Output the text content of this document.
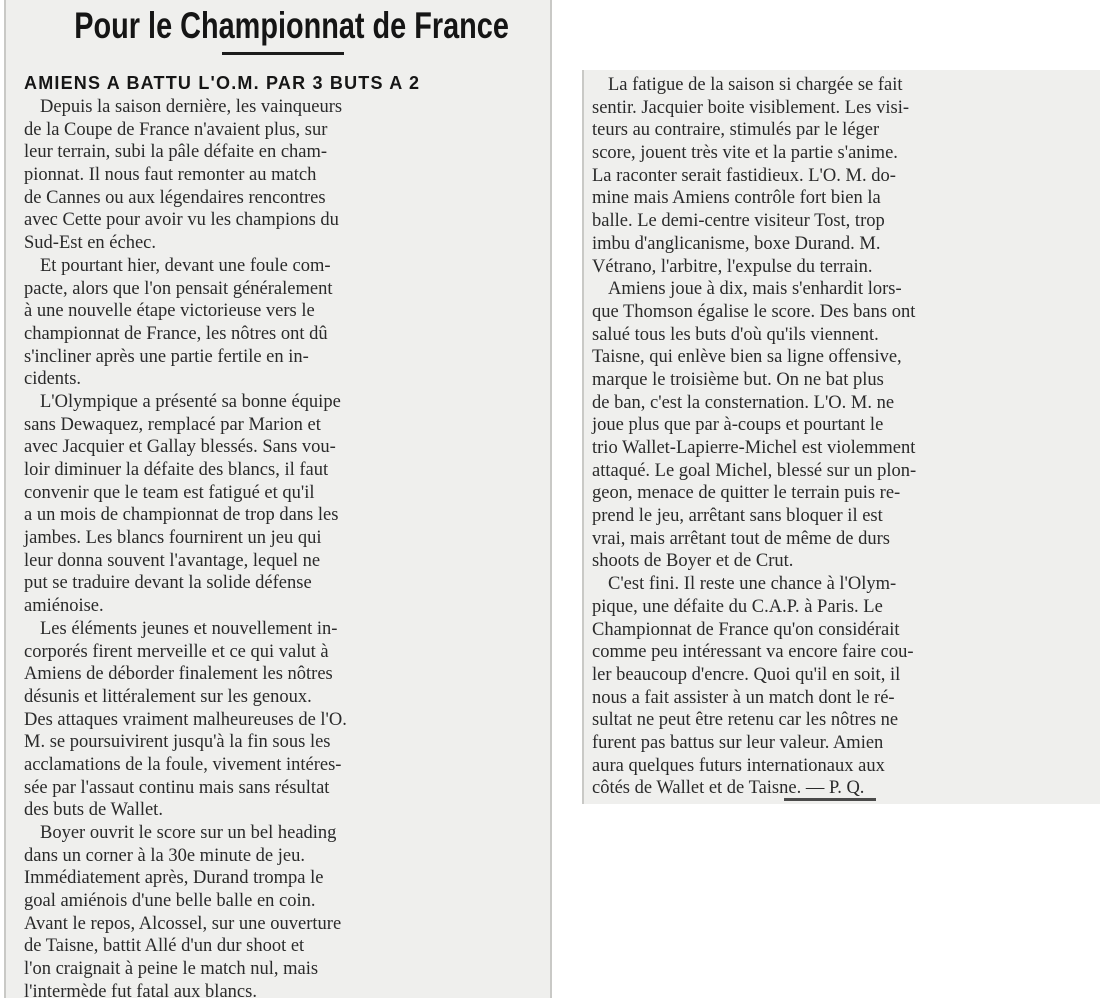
Pour le Championnat de France
AMIENS A BATTU L'O.M. PAR 3 BUTS A 2

Depuis la saison dernière, les vainqueurs
de la Coupe de France n'avaient plus, sur
leur terrain, subi la pâle défaite en cham-
pionnat. Il nous faut remonter au match
de Cannes ou aux légendaires rencontres
avec Cette pour avoir vu les champions du
Sud-Est en échec.

Et pourtant hier, devant une foule com-
pacte, alors que l'on pensait généralement
à une nouvelle étape victorieuse vers le
championnat de France, les nôtres ont dû
s'incliner après une partie fertile en in-
cidents.

L'Olympique a présenté sa bonne équipe
sans Dewaquez, remplacé par Marion et
avec Jacquier et Gallay blessés. Sans vou-
loir diminuer la défaite des blancs, il faut
convenir que le team est fatigué et qu'il
a un mois de championnat de trop dans les
jambes. Les blancs fournirent un jeu qui
leur donna souvent l'avantage, lequel ne
put se traduire devant la solide défense
amiénoise.

Les éléments jeunes et nouvellement in-
corporés firent merveille et ce qui valut à
Amiens de déborder finalement les nôtres
désunis et littéralement sur les genoux.
Des attaques vraiment malheureuses de l'O.
M. se poursuivirent jusqu'à la fin sous les
acclamations de la foule, vivement intéres-
sée par l'assaut continu mais sans résultat
des buts de Wallet.

Boyer ouvrit le score sur un bel heading
dans un corner à la 30e minute de jeu.
Immédiatement après, Durand trompa le
goal amiénois d'une belle balle en coin.
Avant le repos, Alcossel, sur une ouverture
de Taisne, battit Allé d'un dur shoot et
l'on craignait à peine le match nul, mais
l'intermède fut fatal aux blancs.

La fatigue de la saison si chargée se fait
sentir. Jacquier boite visiblement. Les visi-
teurs au contraire, stimulés par le léger
score, jouent très vite et la partie s'anime.
La raconter serait fastidieux. L'O. M. do-
mine mais Amiens contrôle fort bien la
balle. Le demi-centre visiteur Tost, trop
imbu d'anglicanisme, boxe Durand. M.
Vétrano, l'arbitre, l'expulse du terrain.

Amiens joue à dix, mais s'enhardit lors-
que Thomson égalise le score. Des bans ont
salué tous les buts d'où qu'ils viennent.
Taisne, qui enlève bien sa ligne offensive,
marque le troisième but. On ne bat plus
de ban, c'est la consternation. L'O. M. ne
joue plus que par à-coups et pourtant le
trio Wallet-Lapierre-Michel est violemment
attaqué. Le goal Michel, blessé sur un plon-
geon, menace de quitter le terrain puis re-
prend le jeu, arrêtant sans bloquer il est
vrai, mais arrêtant tout de même de durs
shoots de Boyer et de Crut.

C'est fini. Il reste une chance à l'Olym-
pique, une défaite du C.A.P. à Paris. Le
Championnat de France qu'on considérait
comme peu intéressant va encore faire cou-
ler beaucoup d'encre. Quoi qu'il en soit, il
nous a fait assister à un match dont le ré-
sultat ne peut être retenu car les nôtres ne
furent pas battus sur leur valeur. Amien
aura quelques futurs internationaux aux
côtés de Wallet et de Taisne. — P. Q.
